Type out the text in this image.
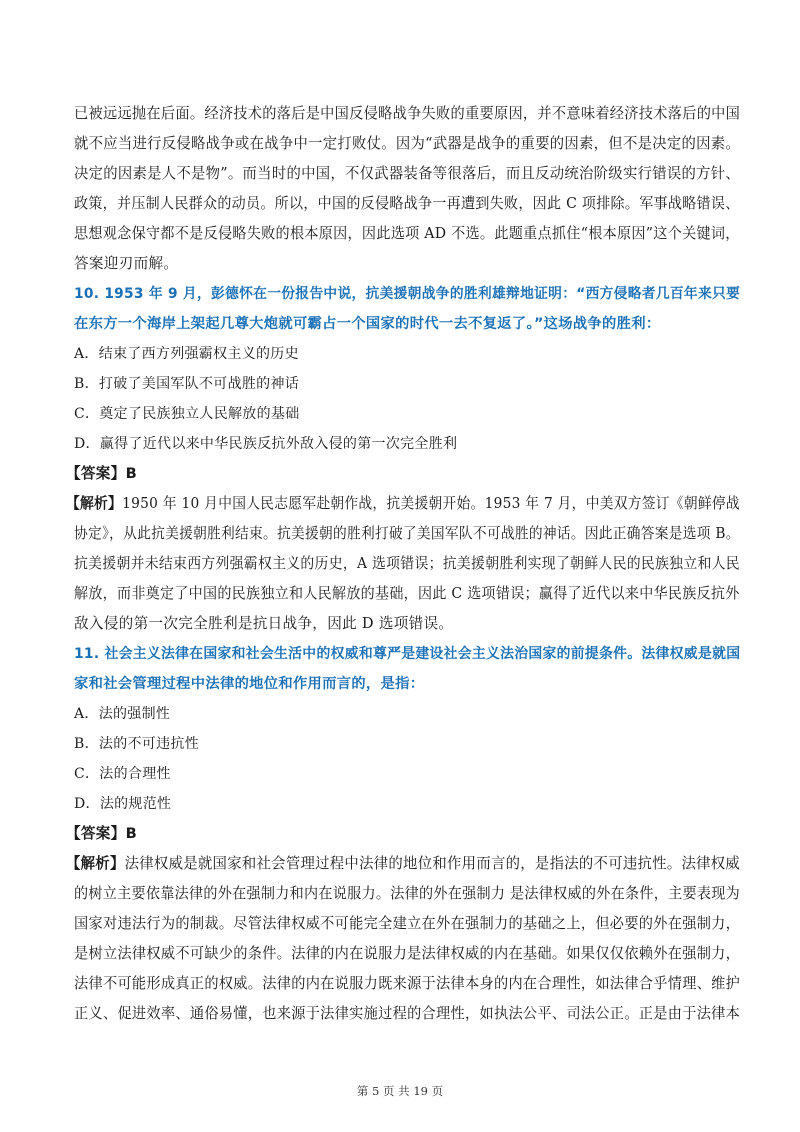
已被远远抛在后面。经济技术的落后是中国反侵略战争失败的重要原因，并不意味着经济技术落后的中国
就不应当进行反侵略战争或在战争中一定打败仗。因为“武器是战争的重要的因素，但不是决定的因素。
决定的因素是人不是物”。而当时的中国，不仅武器装备等很落后，而且反动统治阶级实行错误的方针、
政策，并压制人民群众的动员。所以，中国的反侵略战争一再遭到失败，因此 C 项排除。军事战略错误、
思想观念保守都不是反侵略失败的根本原因，因此选项 AD 不选。此题重点抓住“根本原因”这个关键词，
答案迎刃而解。
10. 1953 年 9 月，彭德怀在一份报告中说，抗美援朝战争的胜利雄辩地证明：“西方侵略者几百年来只要
在东方一个海岸上架起几尊大炮就可霸占一个国家的时代一去不复返了。”这场战争的胜利：
A．结束了西方列强霸权主义的历史
B．打破了美国军队不可战胜的神话
C．奠定了民族独立人民解放的基础
D．赢得了近代以来中华民族反抗外敌入侵的第一次完全胜利
【答案】B
【解析】1950 年 10 月中国人民志愿军赴朝作战，抗美援朝开始。1953 年 7 月，中美双方签订《朝鲜停战
协定》，从此抗美援朝胜利结束。抗美援朝的胜利打破了美国军队不可战胜的神话。因此正确答案是选项 B。
抗美援朝并未结束西方列强霸权主义的历史，A 选项错误；抗美援朝胜利实现了朝鲜人民的民族独立和人民
解放，而非奠定了中国的民族独立和人民解放的基础，因此 C 选项错误；赢得了近代以来中华民族反抗外
敌入侵的第一次完全胜利是抗日战争，因此 D 选项错误。
11. 社会主义法律在国家和社会生活中的权威和尊严是建设社会主义法治国家的前提条件。法律权威是就国
家和社会管理过程中法律的地位和作用而言的，是指：
A．法的强制性
B．法的不可违抗性
C．法的合理性
D．法的规范性
【答案】B
【解析】法律权威是就国家和社会管理过程中法律的地位和作用而言的，是指法的不可违抗性。法律权威
的树立主要依靠法律的外在强制力和内在说服力。法律的外在强制力 是法律权威的外在条件，主要表现为
国家对违法行为的制裁。尽管法律权威不可能完全建立在外在强制力的基础之上，但必要的外在强制力，
是树立法律权威不可缺少的条件。法律的内在说服力是法律权威的内在基础。如果仅仅依赖外在强制力，
法律不可能形成真正的权威。法律的内在说服力既来源于法律本身的内在合理性，如法律合乎情理、维护
正义、促进效率、通俗易懂，也来源于法律实施过程的合理性，如执法公平、司法公正。正是由于法律本
第 5 页 共 19 页
